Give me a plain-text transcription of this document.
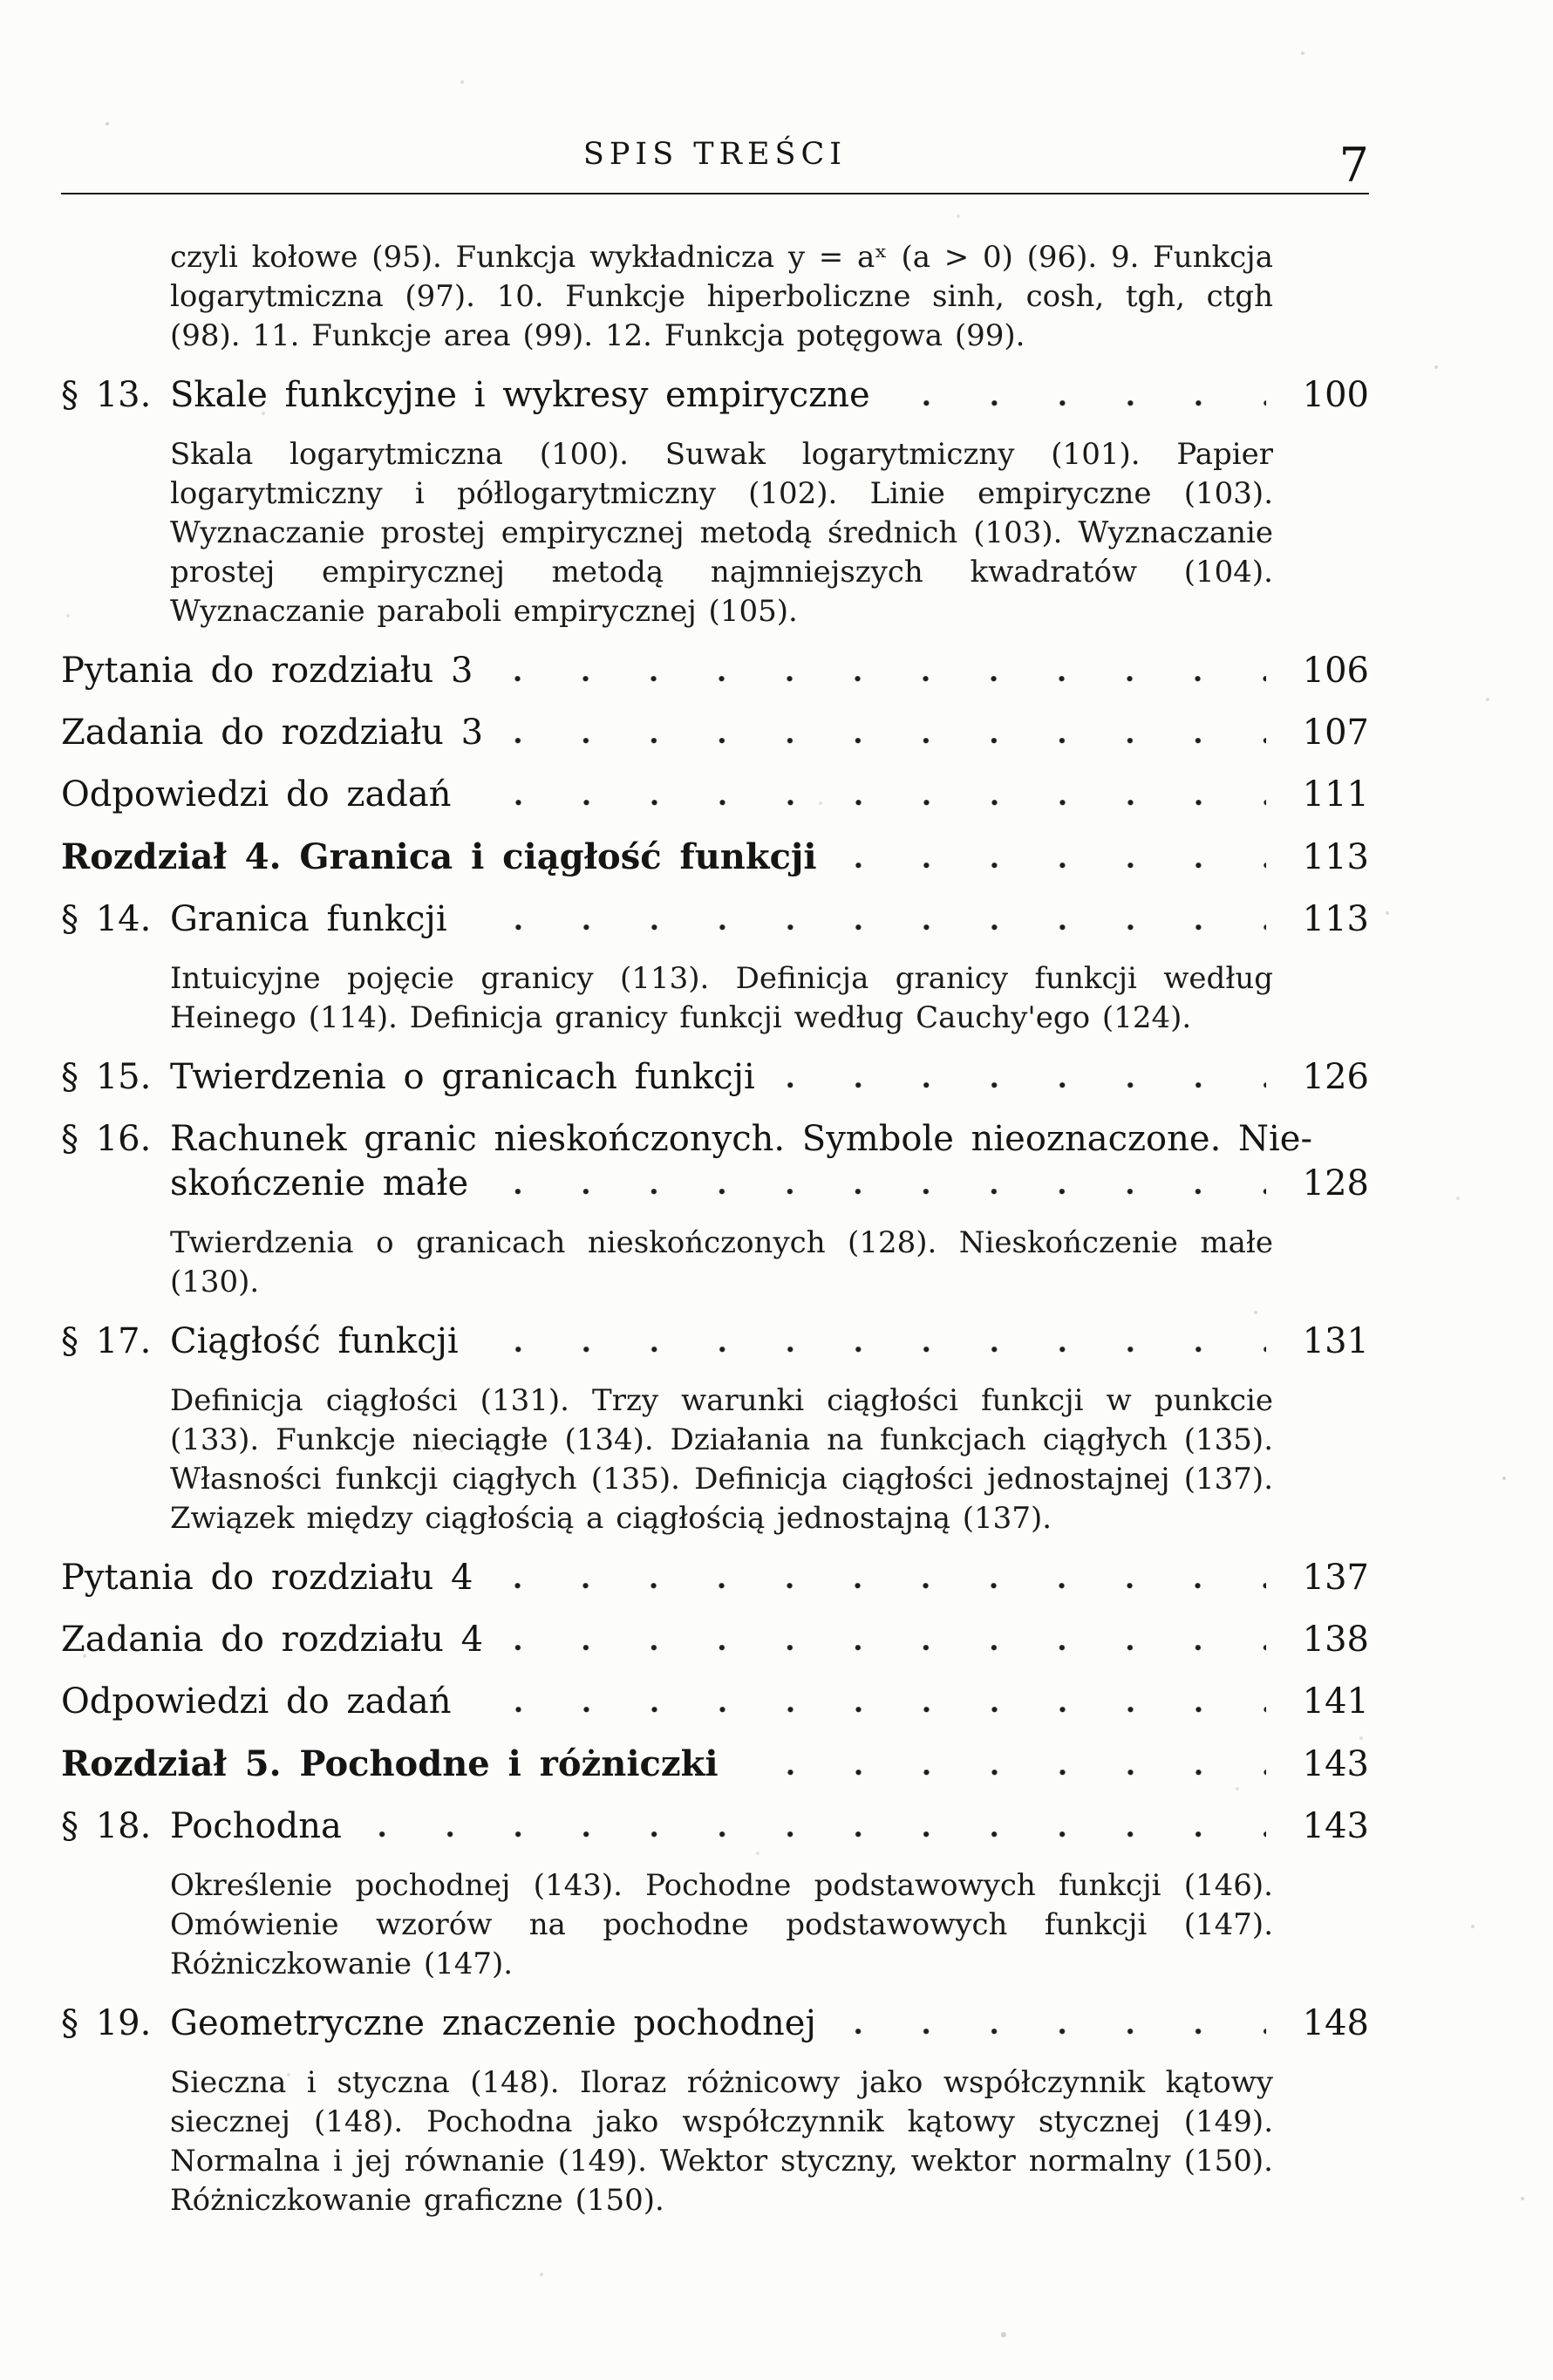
SPIS TREŚCI	7

czyli kołowe (95). Funkcja wykładnicza y = aˣ (a > 0) (96). 9. Funkcja logarytmiczna (97). 10. Funkcje hiperboliczne sinh, cosh, tgh, ctgh (98). 11. Funkcje area (99). 12. Funkcja potęgowa (99).

§ 13. Skale funkcyjne i wykresy empiryczne	100

Skala logarytmiczna (100). Suwak logarytmiczny (101). Papier logarytmiczny i półlogarytmiczny (102). Linie empiryczne (103). Wyznaczanie prostej empirycznej metodą średnich (103). Wyznaczanie prostej empirycznej metodą najmniejszych kwadratów (104). Wyznaczanie paraboli empirycznej (105).

Pytania do rozdziału 3	106
Zadania do rozdziału 3	107
Odpowiedzi do zadań	111
Rozdział 4. Granica i ciągłość funkcji	113
§ 14. Granica funkcji	113

Intuicyjne pojęcie granicy (113). Definicja granicy funkcji według Heinego (114). Definicja granicy funkcji według Cauchy'ego (124).

§ 15. Twierdzenia o granicach funkcji	126
§ 16. Rachunek granic nieskończonych. Symbole nieoznaczone. Nie-
skończenie małe	128

Twierdzenia o granicach nieskończonych (128). Nieskończenie małe (130).

§ 17. Ciągłość funkcji	131

Definicja ciągłości (131). Trzy warunki ciągłości funkcji w punkcie (133). Funkcje nieciągłe (134). Działania na funkcjach ciągłych (135). Własności funkcji ciągłych (135). Definicja ciągłości jednostajnej (137). Związek między ciągłością a ciągłością jednostajną (137).

Pytania do rozdziału 4	137
Zadania do rozdziału 4	138
Odpowiedzi do zadań	141
Rozdział 5. Pochodne i różniczki	143
§ 18. Pochodna	143

Określenie pochodnej (143). Pochodne podstawowych funkcji (146). Omówienie wzorów na pochodne podstawowych funkcji (147). Różniczkowanie (147).

§ 19. Geometryczne znaczenie pochodnej	148

Sieczna i styczna (148). Iloraz różnicowy jako współczynnik kątowy siecznej (148). Pochodna jako współczynnik kątowy stycznej (149). Normalna i jej równanie (149). Wektor styczny, wektor normalny (150). Różniczkowanie graficzne (150).
